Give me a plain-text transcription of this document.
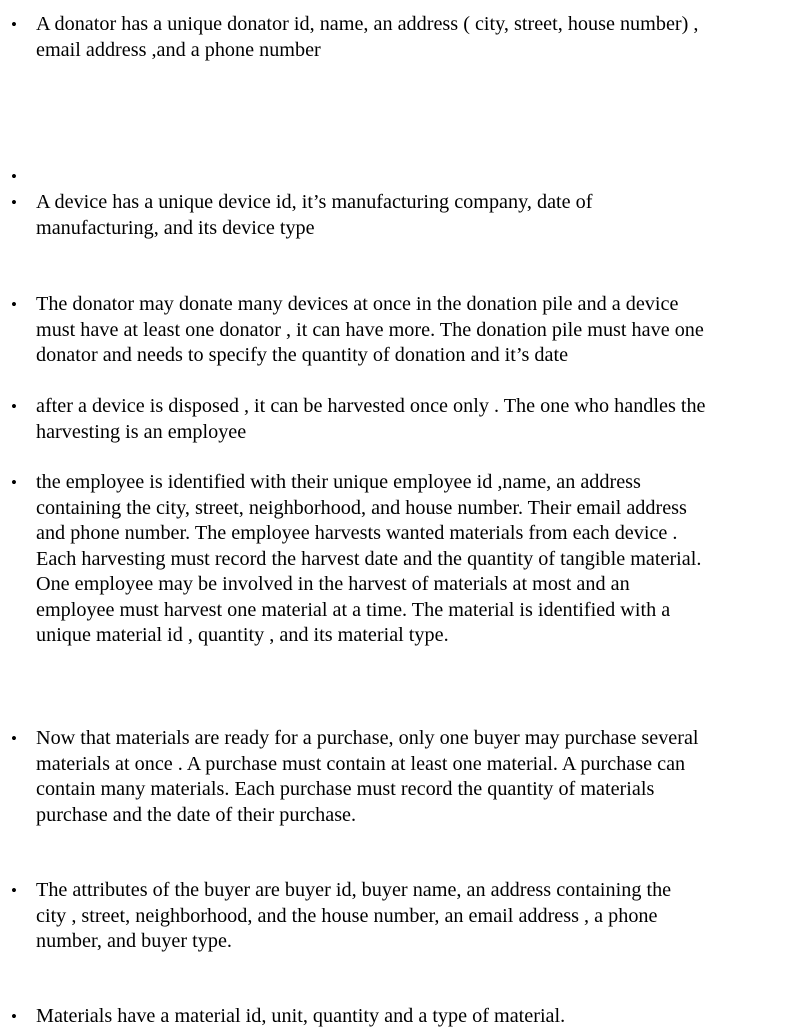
• A donator has a unique donator id, name, an address ( city, street, house number) ,
email address ,and a phone number
•
• A device has a unique device id, it’s manufacturing company, date of
manufacturing, and its device type
• The donator may donate many devices at once in the donation pile and a device
must have at least one donator , it can have more. The donation pile must have one
donator and needs to specify the quantity of donation and it’s date
• after a device is disposed , it can be harvested once only . The one who handles the
harvesting is an employee
• the employee is identified with their unique employee id ,name, an address
containing the city, street, neighborhood, and house number. Their email address
and phone number. The employee harvests wanted materials from each device .
Each harvesting must record the harvest date and the quantity of tangible material.
One employee may be involved in the harvest of materials at most and an
employee must harvest one material at a time. The material is identified with a
unique material id , quantity , and its material type.
• Now that materials are ready for a purchase, only one buyer may purchase several
materials at once . A purchase must contain at least one material. A purchase can
contain many materials. Each purchase must record the quantity of materials
purchase and the date of their purchase.
• The attributes of the buyer are buyer id, buyer name, an address containing the
city , street, neighborhood, and the house number, an email address , a phone
number, and buyer type.
• Materials have a material id, unit, quantity and a type of material.
